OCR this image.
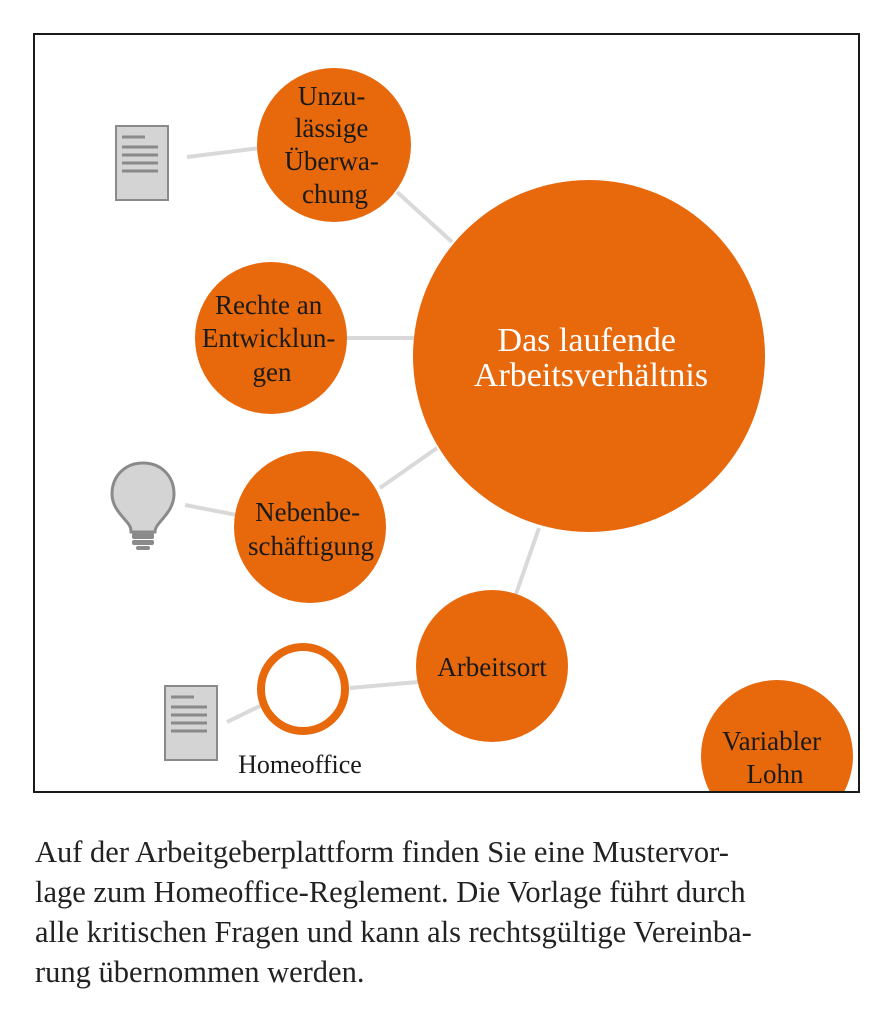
Das laufende Arbeitsverhältnis
Unzu- lässige Überwa- chung
Rechte an Entwicklun- gen
Nebenbe- schäftigung
Arbeitsort
Variabler Lohn
Homeoffice

Auf der Arbeitgeberplattform finden Sie eine Mustervor-
lage zum Homeoffice-Reglement. Die Vorlage führt durch
alle kritischen Fragen und kann als rechtsgültige Vereinba-
rung übernommen werden.
